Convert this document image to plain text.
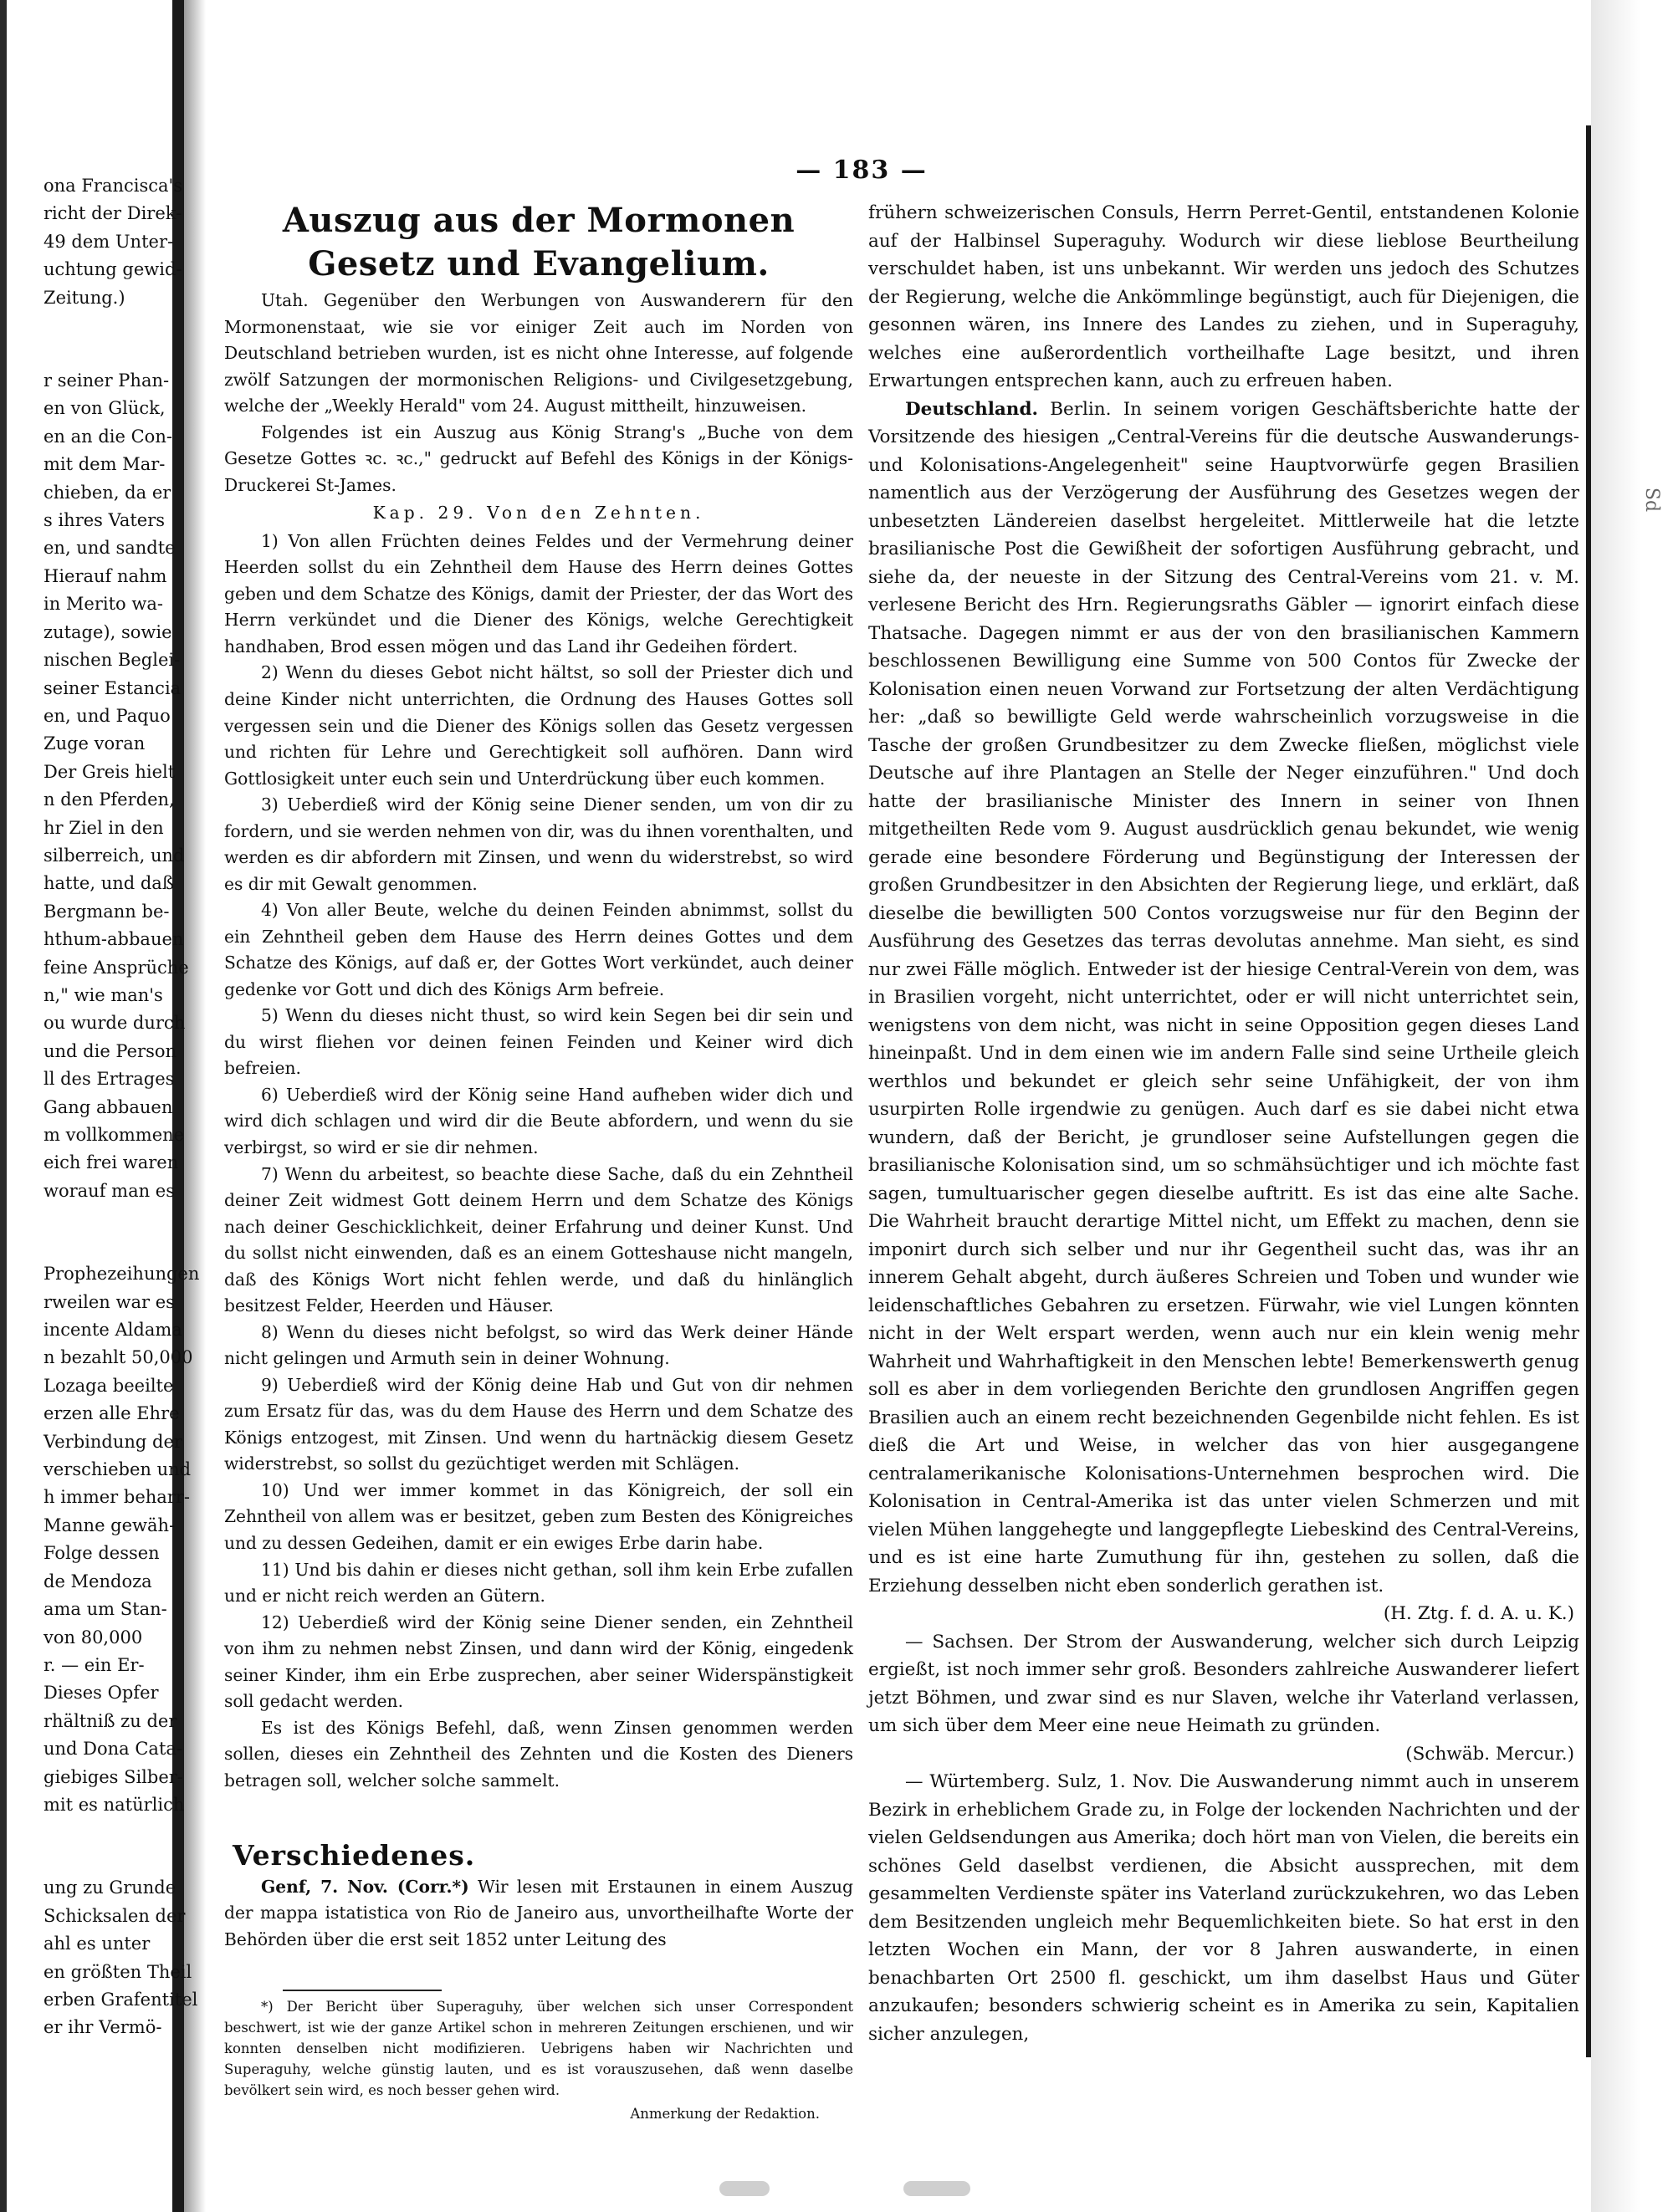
Sd
— 183 —

ona Francisca's

richt der Direk-

49 dem Unter-

uchtung gewid-

Zeitung.)

r seiner Phan-

en von Glück,

en an die Con-

mit dem Mar-

chieben, da er

s ihres Vaters

en, und sandte

Hierauf nahm

in Merito wa-

zutage), sowie

nischen Beglei-

seiner Estancia

en, und Paquo

Zuge voran

Der Greis hielt

n den Pferden,

hr Ziel in den

silberreich, und

hatte, und daß

Bergmann be-

hthum-abbauen

feine Ansprüche

n," wie man's

ou wurde durch

und die Person

ll des Ertrages

Gang abbauen

m vollkommene

eich frei waren

worauf man es

Prophezeihungen

rweilen war es

incente Aldama

n bezahlt 50,000

Lozaga beeilte

erzen alle Ehre

Verbindung der

verschieben und

h immer beharr-

Manne gewäh-

Folge dessen

de Mendoza

ama um Stan-

von 80,000

r. — ein Er-

Dieses Opfer

rhältniß zu der

und Dona Cata-

giebiges Silber-

mit es natürlich

ung zu Grunde

Schicksalen der

ahl es unter

en größten Theil

erben Grafentitel

er ihr Vermö-

Auszug aus der Mormonen Gesetz und Evangelium.

Utah. Gegenüber den Werbungen von Auswanderern für den Mormonenstaat, wie sie vor einiger Zeit auch im Norden von Deutschland betrieben wurden, ist es nicht ohne Interesse, auf folgende zwölf Satzungen der mormonischen Religions- und Civilgesetzgebung, welche der „Weekly Herald" vom 24. August mittheilt, hinzuweisen.

Folgendes ist ein Auszug aus König Strang's „Buche von dem Gesetze Gottes ꝛc. ꝛc.," gedruckt auf Befehl des Königs in der Königs-Druckerei St-James.

Kap. 29. Von den Zehnten.

1) Von allen Früchten deines Feldes und der Vermehrung deiner Heerden sollst du ein Zehntheil dem Hause des Herrn deines Gottes geben und dem Schatze des Königs, damit der Priester, der das Wort des Herrn verkündet und die Diener des Königs, welche Gerechtigkeit handhaben, Brod essen mögen und das Land ihr Gedeihen fördert.

2) Wenn du dieses Gebot nicht hältst, so soll der Priester dich und deine Kinder nicht unterrichten, die Ordnung des Hauses Gottes soll vergessen sein und die Diener des Königs sollen das Gesetz vergessen und richten für Lehre und Gerechtigkeit soll aufhören. Dann wird Gottlosigkeit unter euch sein und Unterdrückung über euch kommen.

3) Ueberdieß wird der König seine Diener senden, um von dir zu fordern, und sie werden nehmen von dir, was du ihnen vorenthalten, und werden es dir abfordern mit Zinsen, und wenn du widerstrebst, so wird es dir mit Gewalt genommen.

4) Von aller Beute, welche du deinen Feinden abnimmst, sollst du ein Zehntheil geben dem Hause des Herrn deines Gottes und dem Schatze des Königs, auf daß er, der Gottes Wort verkündet, auch deiner gedenke vor Gott und dich des Königs Arm befreie.

5) Wenn du dieses nicht thust, so wird kein Segen bei dir sein und du wirst fliehen vor deinen feinen Feinden und Keiner wird dich befreien.

6) Ueberdieß wird der König seine Hand aufheben wider dich und wird dich schlagen und wird dir die Beute abfordern, und wenn du sie verbirgst, so wird er sie dir nehmen.

7) Wenn du arbeitest, so beachte diese Sache, daß du ein Zehntheil deiner Zeit widmest Gott deinem Herrn und dem Schatze des Königs nach deiner Geschicklichkeit, deiner Erfahrung und deiner Kunst. Und du sollst nicht einwenden, daß es an einem Gotteshause nicht mangeln, daß des Königs Wort nicht fehlen werde, und daß du hinlänglich besitzest Felder, Heerden und Häuser.

8) Wenn du dieses nicht befolgst, so wird das Werk deiner Hände nicht gelingen und Armuth sein in deiner Wohnung.

9) Ueberdieß wird der König deine Hab und Gut von dir nehmen zum Ersatz für das, was du dem Hause des Herrn und dem Schatze des Königs entzogest, mit Zinsen. Und wenn du hartnäckig diesem Gesetz widerstrebst, so sollst du gezüchtiget werden mit Schlägen.

10) Und wer immer kommet in das Königreich, der soll ein Zehntheil von allem was er besitzet, geben zum Besten des Königreiches und zu dessen Gedeihen, damit er ein ewiges Erbe darin habe.

11) Und bis dahin er dieses nicht gethan, soll ihm kein Erbe zufallen und er nicht reich werden an Gütern.

12) Ueberdieß wird der König seine Diener senden, ein Zehntheil von ihm zu nehmen nebst Zinsen, und dann wird der König, eingedenk seiner Kinder, ihm ein Erbe zusprechen, aber seiner Widerspänstigkeit soll gedacht werden.

Es ist des Königs Befehl, daß, wenn Zinsen genommen werden sollen, dieses ein Zehntheil des Zehnten und die Kosten des Dieners betragen soll, welcher solche sammelt.

Verschiedenes.

Genf, 7. Nov. (Corr.*) Wir lesen mit Erstaunen in einem Auszug der mappa istatistica von Rio de Janeiro aus, unvortheilhafte Worte der Behörden über die erst seit 1852 unter Leitung des

*) Der Bericht über Superaguhy, über welchen sich unser Correspondent beschwert, ist wie der ganze Artikel schon in mehreren Zeitungen erschienen, und wir konnten denselben nicht modifizieren. Uebrigens haben wir Nachrichten und Superaguhy, welche günstig lauten, und es ist vorauszusehen, daß wenn daselbe bevölkert sein wird, es noch besser gehen wird.

Anmerkung der Redaktion.

frühern schweizerischen Consuls, Herrn Perret-Gentil, entstandenen Kolonie auf der Halbinsel Superaguhy. Wodurch wir diese lieblose Beurtheilung verschuldet haben, ist uns unbekannt. Wir werden uns jedoch des Schutzes der Regierung, welche die Ankömmlinge begünstigt, auch für Diejenigen, die gesonnen wären, ins Innere des Landes zu ziehen, und in Superaguhy, welches eine außerordentlich vortheilhafte Lage besitzt, und ihren Erwartungen entsprechen kann, auch zu erfreuen haben.

Deutschland. Berlin. In seinem vorigen Geschäftsberichte hatte der Vorsitzende des hiesigen „Central-Vereins für die deutsche Auswanderungs- und Kolonisations-Angelegenheit" seine Hauptvorwürfe gegen Brasilien namentlich aus der Verzögerung der Ausführung des Gesetzes wegen der unbesetzten Ländereien daselbst hergeleitet. Mittlerweile hat die letzte brasilianische Post die Gewißheit der sofortigen Ausführung gebracht, und siehe da, der neueste in der Sitzung des Central-Vereins vom 21. v. M. verlesene Bericht des Hrn. Regierungsraths Gäbler — ignorirt einfach diese Thatsache. Dagegen nimmt er aus der von den brasilianischen Kammern beschlossenen Bewilligung eine Summe von 500 Contos für Zwecke der Kolonisation einen neuen Vorwand zur Fortsetzung der alten Verdächtigung her: „daß so bewilligte Geld werde wahrscheinlich vorzugsweise in die Tasche der großen Grundbesitzer zu dem Zwecke fließen, möglichst viele Deutsche auf ihre Plantagen an Stelle der Neger einzuführen." Und doch hatte der brasilianische Minister des Innern in seiner von Ihnen mitgetheilten Rede vom 9. August ausdrücklich genau bekundet, wie wenig gerade eine besondere Förderung und Begünstigung der Interessen der großen Grundbesitzer in den Absichten der Regierung liege, und erklärt, daß dieselbe die bewilligten 500 Contos vorzugsweise nur für den Beginn der Ausführung des Gesetzes das terras devolutas annehme. Man sieht, es sind nur zwei Fälle möglich. Entweder ist der hiesige Central-Verein von dem, was in Brasilien vorgeht, nicht unterrichtet, oder er will nicht unterrichtet sein, wenigstens von dem nicht, was nicht in seine Opposition gegen dieses Land hineinpaßt. Und in dem einen wie im andern Falle sind seine Urtheile gleich werthlos und bekundet er gleich sehr seine Unfähigkeit, der von ihm usurpirten Rolle irgendwie zu genügen. Auch darf es sie dabei nicht etwa wundern, daß der Bericht, je grundloser seine Aufstellungen gegen die brasilianische Kolonisation sind, um so schmähsüchtiger und ich möchte fast sagen, tumultuarischer gegen dieselbe auftritt. Es ist das eine alte Sache. Die Wahrheit braucht derartige Mittel nicht, um Effekt zu machen, denn sie imponirt durch sich selber und nur ihr Gegentheil sucht das, was ihr an innerem Gehalt abgeht, durch äußeres Schreien und Toben und wunder wie leidenschaftliches Gebahren zu ersetzen. Fürwahr, wie viel Lungen könnten nicht in der Welt erspart werden, wenn auch nur ein klein wenig mehr Wahrheit und Wahrhaftigkeit in den Menschen lebte! Bemerkenswerth genug soll es aber in dem vorliegenden Berichte den grundlosen Angriffen gegen Brasilien auch an einem recht bezeichnenden Gegenbilde nicht fehlen. Es ist dieß die Art und Weise, in welcher das von hier ausgegangene centralamerikanische Kolonisations-Unternehmen besprochen wird. Die Kolonisation in Central-Amerika ist das unter vielen Schmerzen und mit vielen Mühen langgehegte und langgepflegte Liebeskind des Central-Vereins, und es ist eine harte Zumuthung für ihn, gestehen zu sollen, daß die Erziehung desselben nicht eben sonderlich gerathen ist.

(H. Ztg. f. d. A. u. K.)

— Sachsen. Der Strom der Auswanderung, welcher sich durch Leipzig ergießt, ist noch immer sehr groß. Besonders zahlreiche Auswanderer liefert jetzt Böhmen, und zwar sind es nur Slaven, welche ihr Vaterland verlassen, um sich über dem Meer eine neue Heimath zu gründen.

(Schwäb. Mercur.)

— Würtemberg. Sulz, 1. Nov. Die Auswanderung nimmt auch in unserem Bezirk in erheblichem Grade zu, in Folge der lockenden Nachrichten und der vielen Geldsendungen aus Amerika; doch hört man von Vielen, die bereits ein schönes Geld daselbst verdienen, die Absicht aussprechen, mit dem gesammelten Verdienste später ins Vaterland zurückzukehren, wo das Leben dem Besitzenden ungleich mehr Bequemlichkeiten biete. So hat erst in den letzten Wochen ein Mann, der vor 8 Jahren auswanderte, in einen benachbarten Ort 2500 fl. geschickt, um ihm daselbst Haus und Güter anzukaufen; besonders schwierig scheint es in Amerika zu sein, Kapitalien sicher anzulegen,
